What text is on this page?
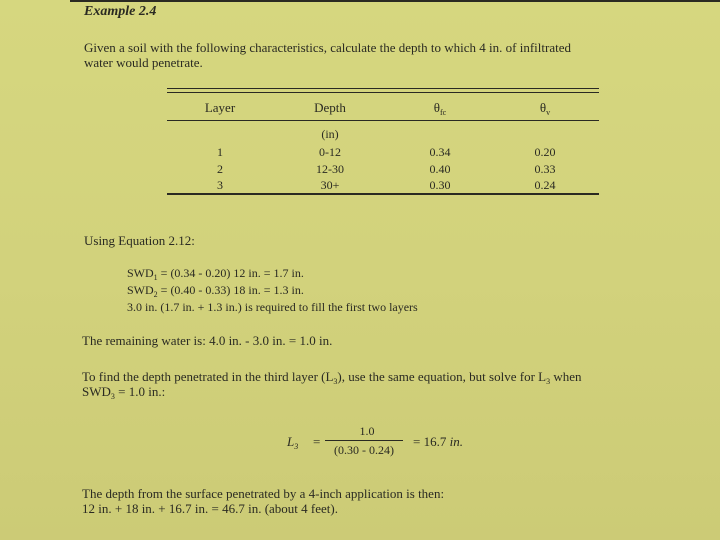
Example 2.4
Given a soil with the following characteristics, calculate the depth to which 4 in. of infiltrated
water would penetrate.
Layer	Depth	$\theta_{fc}$	$\theta_v$
(in)
1	0-12	0.34	0.20
2	12-30	0.40	0.33
3	30+	0.30	0.24
Using Equation 2.12:
$SWD_1 = (0.34 - 0.20)$ 12 in. = 1.7 in.
$SWD_2 = (0.40 - 0.33)$ 18 in. = 1.3 in.
3.0 in. (1.7 in. + 1.3 in.) is required to fill the first two layers
The remaining water is: 4.0 in. - 3.0 in. = 1.0 in.
To find the depth penetrated in the third layer $(L_3)$, use the same equation, but solve for $L_3$ when
$SWD_3 = 1.0$ in.:
$L_3$ =
1.0
(0.30 - 0.24)
= 16.7 in.
The depth from the surface penetrated by a 4-inch application is then:
12 in. + 18 in. + 16.7 in. = 46.7 in. (about 4 feet).
